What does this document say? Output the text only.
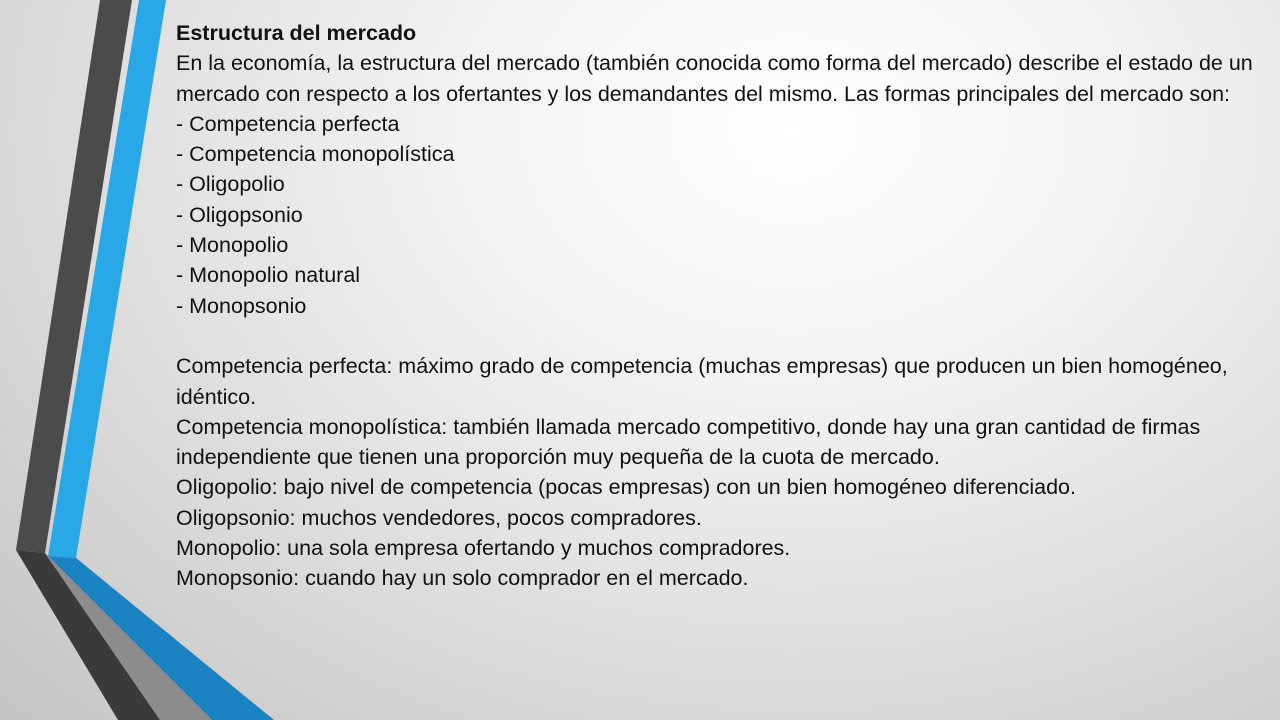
Estructura del mercado

En la economía, la estructura del mercado (también conocida como forma del mercado) describe el estado de un mercado con respecto a los ofertantes y los demandantes del mismo. Las formas principales del mercado son:

- Competencia perfecta
- Competencia monopolística
- Oligopolio
- Oligopsonio
- Monopolio
- Monopolio natural
- Monopsonio

Competencia perfecta: máximo grado de competencia (muchas empresas) que producen un bien homogéneo, idéntico.

Competencia monopolística: también llamada mercado competitivo, donde hay una gran cantidad de firmas independiente que tienen una proporción muy pequeña de la cuota de mercado.

Oligopolio: bajo nivel de competencia (pocas empresas) con un bien homogéneo diferenciado.

Oligopsonio: muchos vendedores, pocos compradores.

Monopolio: una sola empresa ofertando y muchos compradores.

Monopsonio: cuando hay un solo comprador en el mercado.
